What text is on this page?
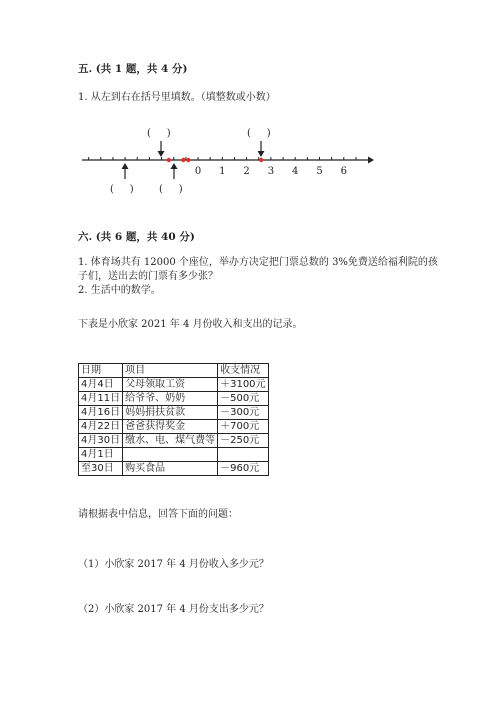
五. (共 1 题，共 4 分)
1. 从左到右在括号里填数。（填整数或小数）
0 1 2 3 4 5 6
(     )	(     )
(     )	(     )
六. (共 6 题，共 40 分)
1. 体育场共有 12000 个座位，举办方决定把门票总数的 3%免费送给福利院的孩
子们，送出去的门票有多少张？
2. 生活中的数学。
下表是小欣家 2021 年 4 月份收入和支出的记录。
日期	项目	收支情况
4月4日	父母领取工资	＋3100元
4月11日	给爷爷、奶奶	－500元
4月16日	妈妈捐扶贫款	－300元
4月22日	爸爸获得奖金	＋700元
4月30日	缴水、电、煤气费等	－250元
4月1日		
至30日	购买食品	－960元
请根据表中信息，回答下面的问题：
（1）小欣家 2017 年 4 月份收入多少元？
（2）小欣家 2017 年 4 月份支出多少元？
